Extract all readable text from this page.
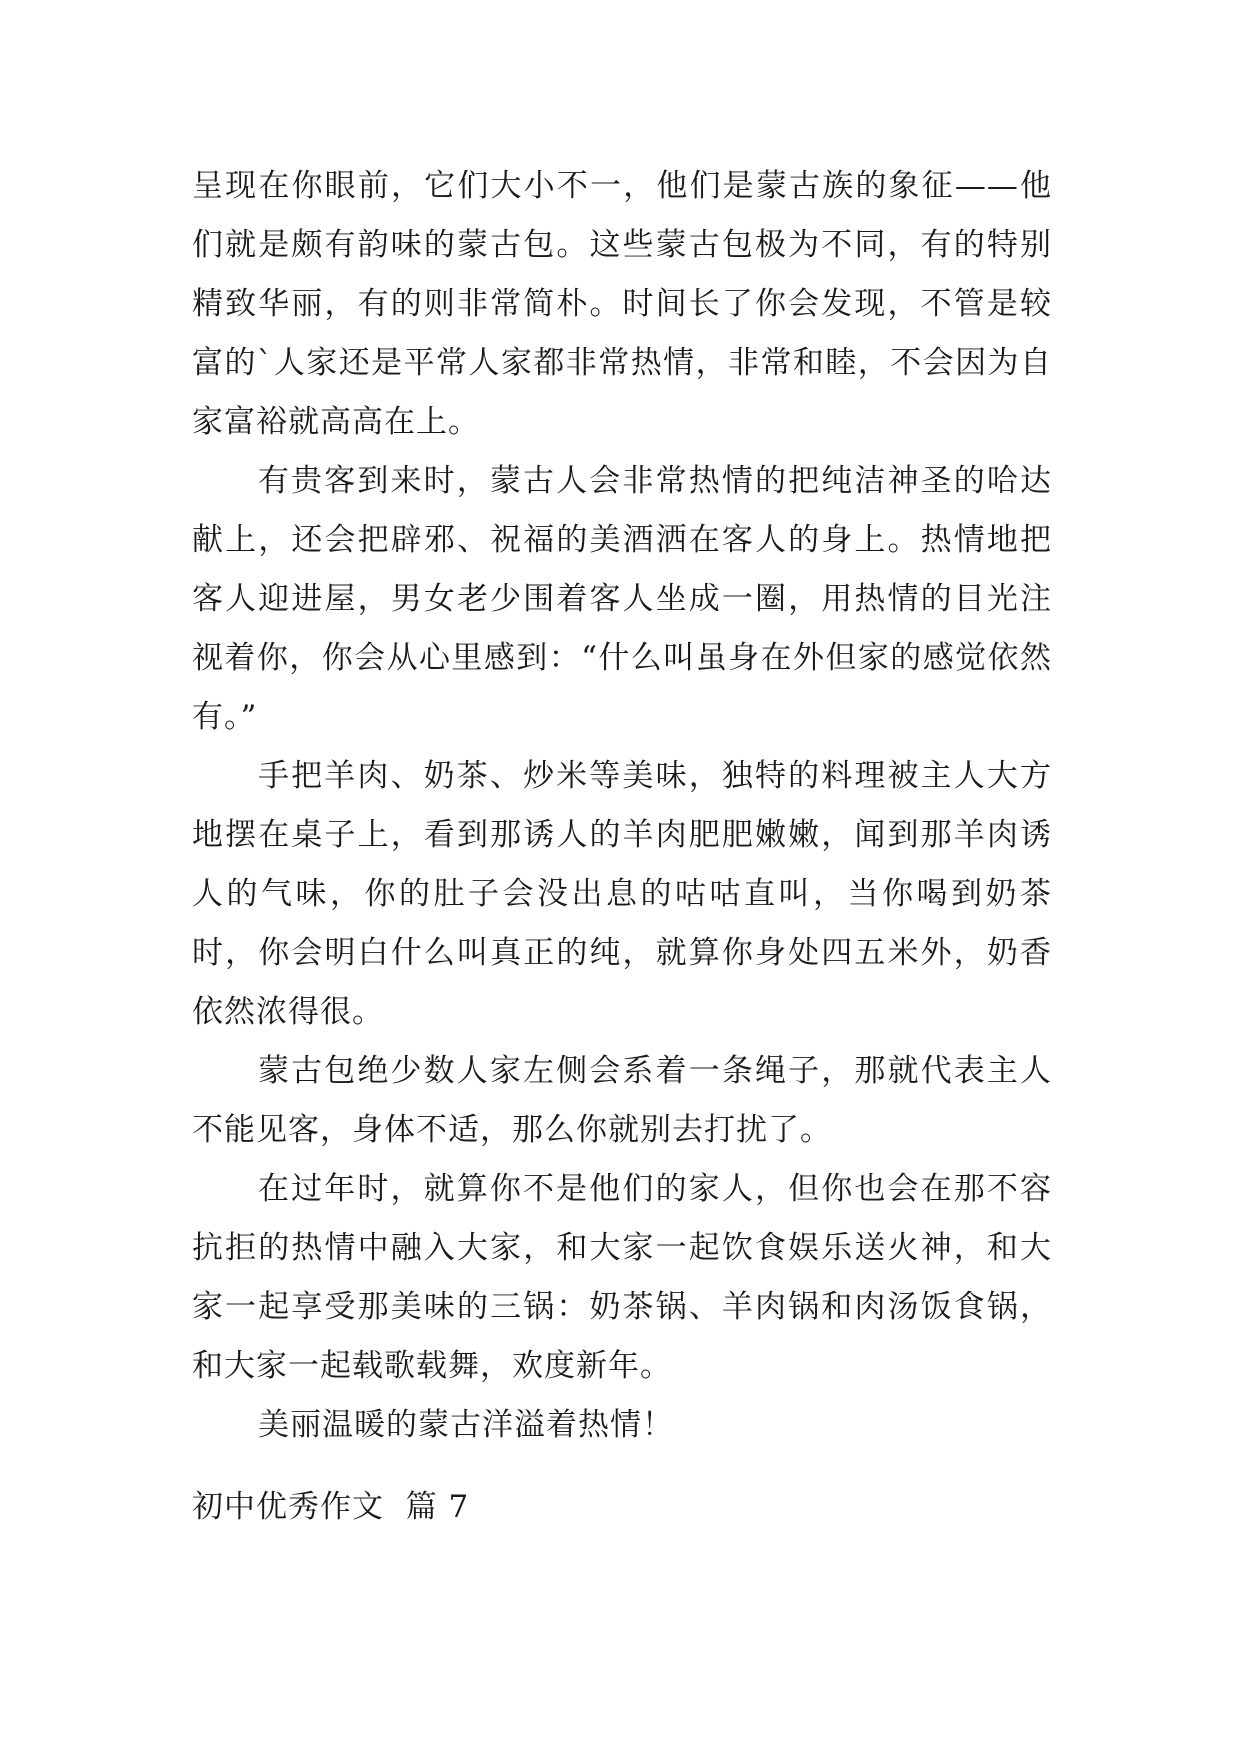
呈现在你眼前，它们大小不一，他们是蒙古族的象征——他们就是颇有韵味的蒙古包。这些蒙古包极为不同，有的特别精致华丽，有的则非常简朴。时间长了你会发现，不管是较富的`人家还是平常人家都非常热情，非常和睦，不会因为自家富裕就高高在上。

有贵客到来时，蒙古人会非常热情的把纯洁神圣的哈达献上，还会把辟邪、祝福的美酒洒在客人的身上。热情地把客人迎进屋，男女老少围着客人坐成一圈，用热情的目光注视着你，你会从心里感到：“什么叫虽身在外但家的感觉依然有。”

手把羊肉、奶茶、炒米等美味，独特的料理被主人大方地摆在桌子上，看到那诱人的羊肉肥肥嫩嫩，闻到那羊肉诱人的气味，你的肚子会没出息的咕咕直叫，当你喝到奶茶时，你会明白什么叫真正的纯，就算你身处四五米外，奶香依然浓得很。

蒙古包绝少数人家左侧会系着一条绳子，那就代表主人不能见客，身体不适，那么你就别去打扰了。

在过年时，就算你不是他们的家人，但你也会在那不容抗拒的热情中融入大家，和大家一起饮食娱乐送火神，和大家一起享受那美味的三锅：奶茶锅、羊肉锅和肉汤饭食锅，和大家一起载歌载舞，欢度新年。

美丽温暖的蒙古洋溢着热情！

初中优秀作文  篇 7
